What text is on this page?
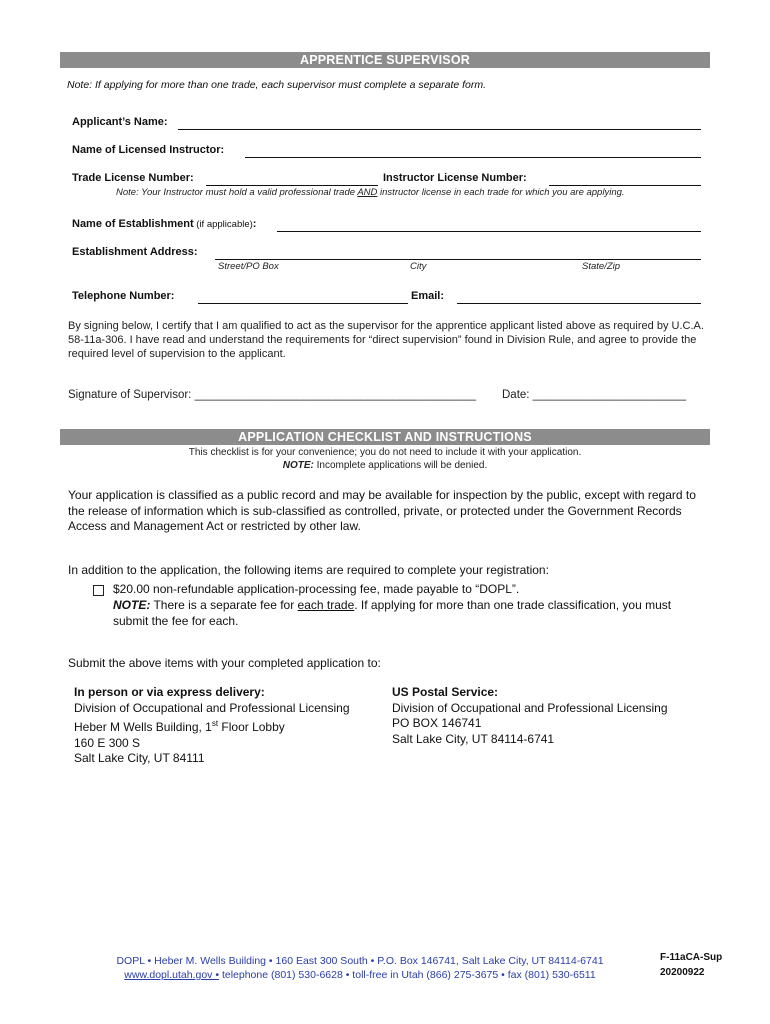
APPRENTICE SUPERVISOR
Note: If applying for more than one trade, each supervisor must complete a separate form.
Applicant’s Name:
Name of Licensed Instructor:
Trade License Number:	Instructor License Number:
Note: Your Instructor must hold a valid professional trade AND instructor license in each trade for which you are applying.
Name of Establishment (if applicable):
Establishment Address:
Street/PO Box	City	State/Zip
Telephone Number:	Email:
By signing below, I certify that I am qualified to act as the supervisor for the apprentice applicant listed above as required by U.C.A. 58-11a-306. I have read and understand the requirements for “direct supervision” found in Division Rule, and agree to provide the required level of supervision to the applicant.
Signature of Supervisor: ____________________________________________ Date: ________________________
APPLICATION CHECKLIST AND INSTRUCTIONS
This checklist is for your convenience; you do not need to include it with your application.
NOTE: Incomplete applications will be denied.
Your application is classified as a public record and may be available for inspection by the public, except with regard to the release of information which is sub-classified as controlled, private, or protected under the Government Records Access and Management Act or restricted by other law.
In addition to the application, the following items are required to complete your registration:
$20.00 non-refundable application-processing fee, made payable to “DOPL”.
NOTE: There is a separate fee for each trade. If applying for more than one trade classification, you must submit the fee for each.
Submit the above items with your completed application to:
In person or via express delivery:
Division of Occupational and Professional Licensing
Heber M Wells Building, 1st Floor Lobby
160 E 300 S
Salt Lake City, UT 84111
US Postal Service:
Division of Occupational and Professional Licensing
PO BOX 146741
Salt Lake City, UT 84114-6741
DOPL • Heber M. Wells Building • 160 East 300 South • P.O. Box 146741, Salt Lake City, UT 84114-6741
www.dopl.utah.gov • telephone (801) 530-6628 • toll-free in Utah (866) 275-3675 • fax (801) 530-6511
F-11aCA-Sup
20200922
